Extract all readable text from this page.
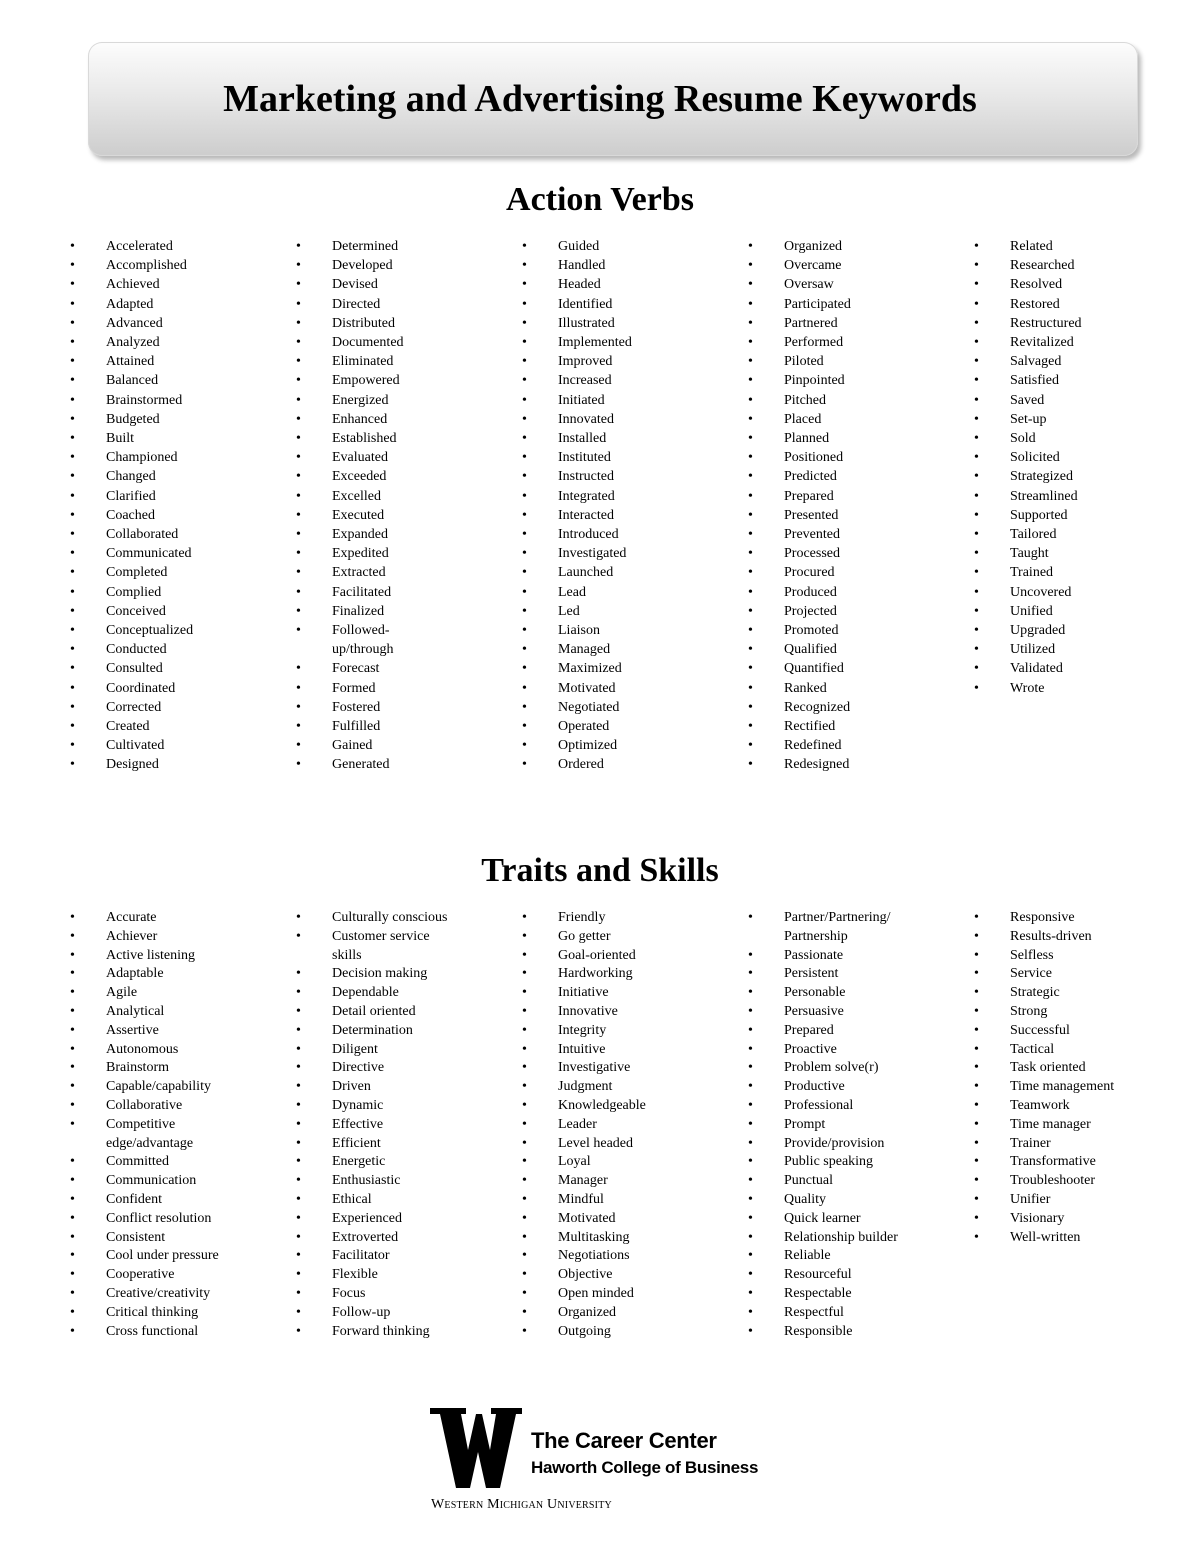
Marketing and Advertising Resume Keywords
Action Verbs
• Accelerated
• Accomplished
• Achieved
• Adapted
• Advanced
• Analyzed
• Attained
• Balanced
• Brainstormed
• Budgeted
• Built
• Championed
• Changed
• Clarified
• Coached
• Collaborated
• Communicated
• Completed
• Complied
• Conceived
• Conceptualized
• Conducted
• Consulted
• Coordinated
• Corrected
• Created
• Cultivated
• Designed
• Determined
• Developed
• Devised
• Directed
• Distributed
• Documented
• Eliminated
• Empowered
• Energized
• Enhanced
• Established
• Evaluated
• Exceeded
• Excelled
• Executed
• Expanded
• Expedited
• Extracted
• Facilitated
• Finalized
• Followed-up/through
• Forecast
• Formed
• Fostered
• Fulfilled
• Gained
• Generated
• Guided
• Handled
• Headed
• Identified
• Illustrated
• Implemented
• Improved
• Increased
• Initiated
• Innovated
• Installed
• Instituted
• Instructed
• Integrated
• Interacted
• Introduced
• Investigated
• Launched
• Lead
• Led
• Liaison
• Managed
• Maximized
• Motivated
• Negotiated
• Operated
• Optimized
• Ordered
• Organized
• Overcame
• Oversaw
• Participated
• Partnered
• Performed
• Piloted
• Pinpointed
• Pitched
• Placed
• Planned
• Positioned
• Predicted
• Prepared
• Presented
• Prevented
• Processed
• Procured
• Produced
• Projected
• Promoted
• Qualified
• Quantified
• Ranked
• Recognized
• Rectified
• Redefined
• Redesigned
• Related
• Researched
• Resolved
• Restored
• Restructured
• Revitalized
• Salvaged
• Satisfied
• Saved
• Set-up
• Sold
• Solicited
• Strategized
• Streamlined
• Supported
• Tailored
• Taught
• Trained
• Uncovered
• Unified
• Upgraded
• Utilized
• Validated
• Wrote
Traits and Skills
• Accurate
• Achiever
• Active listening
• Adaptable
• Agile
• Analytical
• Assertive
• Autonomous
• Brainstorm
• Capable/capability
• Collaborative
• Competitive edge/advantage
• Committed
• Communication
• Confident
• Conflict resolution
• Consistent
• Cool under pressure
• Cooperative
• Creative/creativity
• Critical thinking
• Cross functional
• Culturally conscious
• Customer service skills
• Decision making
• Dependable
• Detail oriented
• Determination
• Diligent
• Directive
• Driven
• Dynamic
• Effective
• Efficient
• Energetic
• Enthusiastic
• Ethical
• Experienced
• Extroverted
• Facilitator
• Flexible
• Focus
• Follow-up
• Forward thinking
• Friendly
• Go getter
• Goal-oriented
• Hardworking
• Initiative
• Innovative
• Integrity
• Intuitive
• Investigative
• Judgment
• Knowledgeable
• Leader
• Level headed
• Loyal
• Manager
• Mindful
• Motivated
• Multitasking
• Negotiations
• Objective
• Open minded
• Organized
• Outgoing
• Partner/Partnering/ Partnership
• Passionate
• Persistent
• Personable
• Persuasive
• Prepared
• Proactive
• Problem solve(r)
• Productive
• Professional
• Prompt
• Provide/provision
• Public speaking
• Punctual
• Quality
• Quick learner
• Relationship builder
• Reliable
• Resourceful
• Respectable
• Respectful
• Responsible
• Responsive
• Results-driven
• Selfless
• Service
• Strategic
• Strong
• Successful
• Tactical
• Task oriented
• Time management
• Teamwork
• Time manager
• Trainer
• Transformative
• Troubleshooter
• Unifier
• Visionary
• Well-written
The Career Center
Haworth College of Business
Western Michigan University
